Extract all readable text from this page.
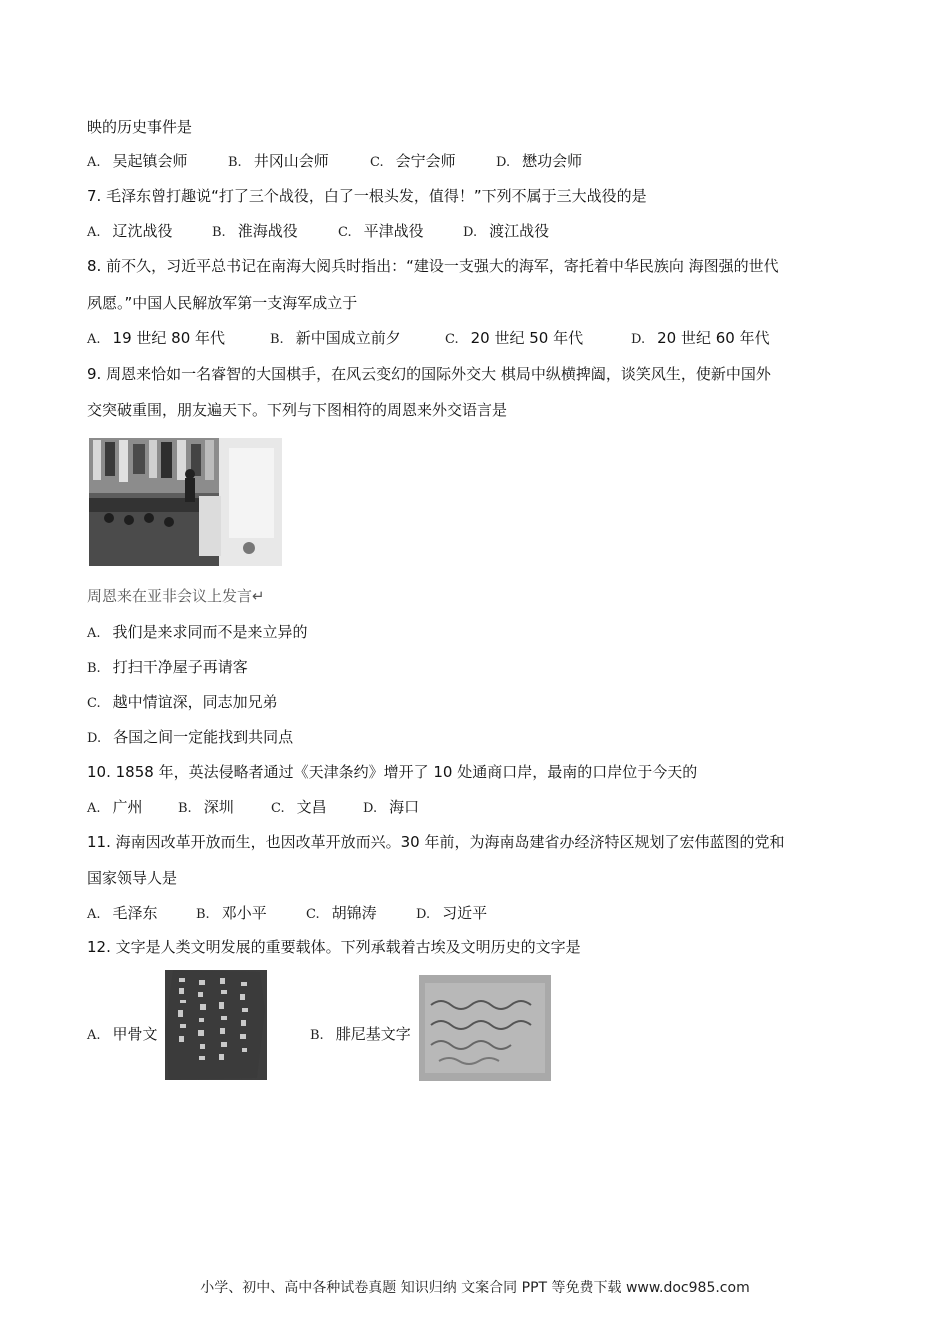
映的历史事件是
A. 吴起镇会师	B. 井冈山会师	C. 会宁会师	D. 懋功会师
7. 毛泽东曾打趣说“打了三个战役，白了一根头发，值得！”下列不属于三大战役的是
A. 辽沈战役	B. 淮海战役	C. 平津战役	D. 渡江战役
8. 前不久，习近平总书记在南海大阅兵时指出：“建设一支强大的海军，寄托着中华民族向 海图强的世代
夙愿。”中国人民解放军第一支海军成立于
A. 19 世纪 80 年代	B. 新中国成立前夕	C. 20 世纪 50 年代	D. 20 世纪 60 年代
9. 周恩来恰如一名睿智的大国棋手，在风云变幻的国际外交大 棋局中纵横捭阖，谈笑风生，使新中国外
交突破重围，朋友遍天下。下列与下图相符的周恩来外交语言是
周恩来在亚非会议上发言↵
A. 我们是来求同而不是来立异的
B. 打扫干净屋子再请客
C. 越中情谊深，同志加兄弟
D. 各国之间一定能找到共同点
10. 1858 年，英法侵略者通过《天津条约》增开了 10 处通商口岸，最南的口岸位于今天的
A. 广州	B. 深圳	C. 文昌	D. 海口
11. 海南因改革开放而生，也因改革开放而兴。30 年前，为海南岛建省办经济特区规划了宏伟蓝图的党和
国家领导人是
A. 毛泽东	B. 邓小平	C. 胡锦涛	D. 习近平
12. 文字是人类文明发展的重要载体。下列承载着古埃及文明历史的文字是
A. 甲骨文	B. 腓尼基文字
小学、初中、高中各种试卷真题 知识归纳 文案合同 PPT 等免费下载 www.doc985.com
